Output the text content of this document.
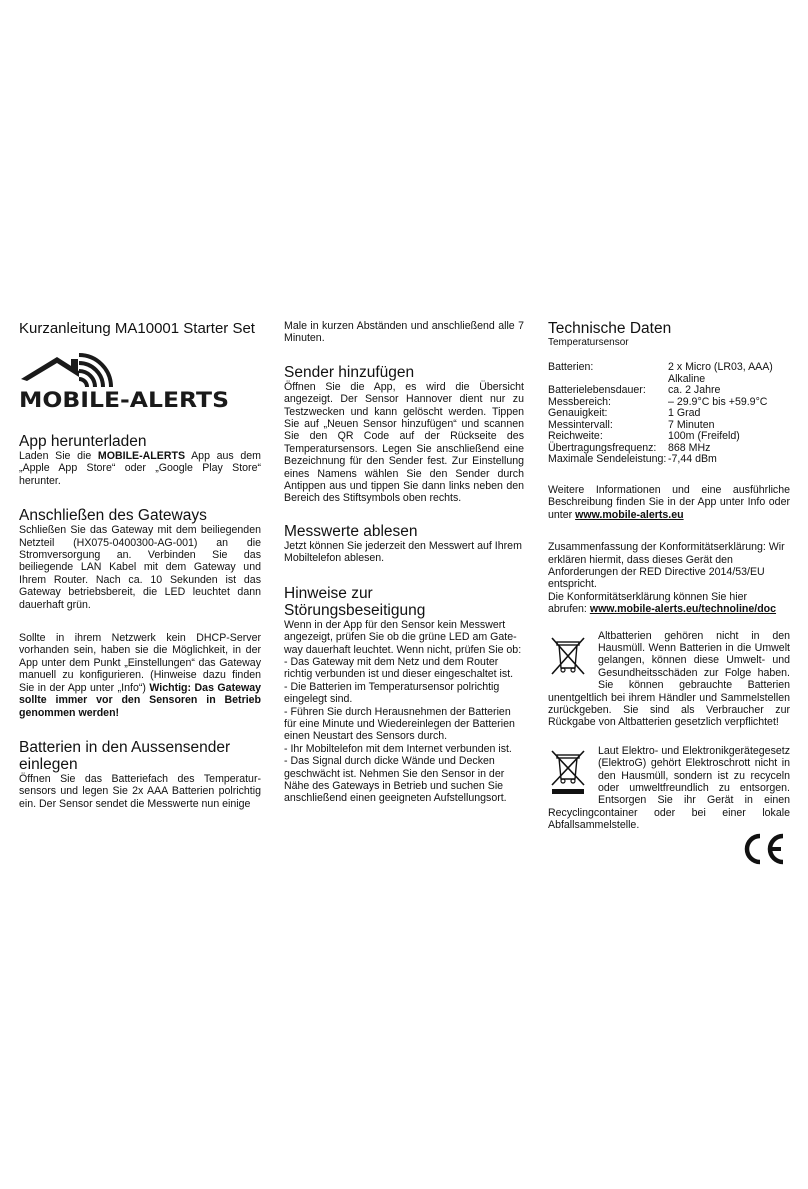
Kurzanleitung MA10001 Starter Set
MOBILE-ALERTS
App herunterladen

Laden Sie die MOBILE-ALERTS App aus dem „Apple App Store“ oder „Google Play Store“ herunter.

Anschließen des Gateways

Schließen Sie das Gateway mit dem beiliegenden Netzteil (HX075-0400300-AG-001) an die Stromversorgung an. Verbinden Sie das beiliegende LAN Kabel mit dem Gateway und Ihrem Router. Nach ca. 10 Sekunden ist das Gateway betriebsbereit, die LED leuchtet dann dauerhaft grün.

Sollte in ihrem Netzwerk kein DHCP-Server vorhanden sein, haben sie die Möglichkeit, in der App unter dem Punkt „Einstellungen“ das Gateway manuell zu konfigurieren. (Hinweise dazu finden Sie in der App unter „Info“) Wichtig: Das Gateway sollte immer vor den Sensoren in Betrieb genommen werden!

Batterien in den Aussensender
einlegen

Öffnen Sie das Batteriefach des Temperatur-sensors und legen Sie 2x AAA Batterien polrichtig ein. Der Sensor sendet die Messwerte nun einige

Male in kurzen Abständen und anschließend alle 7 Minuten.

Sender hinzufügen

Öffnen Sie die App, es wird die Übersicht angezeigt. Der Sensor Hannover dient nur zu Testzwecken und kann gelöscht werden. Tippen Sie auf „Neuen Sensor hinzufügen“ und scannen Sie den QR Code auf der Rückseite des Temperatursensors. Legen Sie anschließend eine Bezeichnung für den Sender fest. Zur Einstellung eines Namens wählen Sie den Sender durch Antippen aus und tippen Sie dann links neben den Bereich des Stiftsymbols oben rechts.

Messwerte ablesen

Jetzt können Sie jederzeit den Messwert auf Ihrem Mobiltelefon ablesen.

Hinweise zur
Störungsbeseitigung
Wenn in der App für den Sensor kein Messwert
angezeigt, prüfen Sie ob die grüne LED am Gate-
way dauerhaft leuchtet. Wenn nicht, prüfen Sie ob:
- Das Gateway mit dem Netz und dem Router
richtig verbunden ist und dieser eingeschaltet ist.
- Die Batterien im Temperatursensor polrichtig
eingelegt sind.
- Führen Sie durch Herausnehmen der Batterien
für eine Minute und Wiedereinlegen der Batterien
einen Neustart des Sensors durch.
- Ihr Mobiltelefon mit dem Internet verbunden ist.
- Das Signal durch dicke Wände und Decken
geschwächt ist. Nehmen Sie den Sensor in der
Nähe des Gateways in Betrieb und suchen Sie
anschließend einen geeigneten Aufstellungsort.
Technische Daten
Temperatursensor
Batterien:	2 x Micro (LR03, AAA)
	Alkaline
Batterielebensdauer:	ca. 2 Jahre
Messbereich:	– 29.9°C bis +59.9°C
Genauigkeit:	1 Grad
Messintervall:	7 Minuten
Reichweite:	100m (Freifeld)
Übertragungsfrequenz:	868 MHz
Maximale Sendeleistung:	-7,44 dBm

Weitere Informationen und eine ausführliche Beschreibung finden Sie in der App unter Info oder unter www.mobile-alerts.eu

Zusammenfassung der Konformitätserklärung: Wir
erklären hiermit, dass dieses Gerät den
Anforderungen der RED Directive 2014/53/EU
entspricht.
Die Konformitätserklärung können Sie hier
abrufen: www.mobile-alerts.eu/technoline/doc

Altbatterien gehören nicht in den Hausmüll. Wenn Batterien in die Umwelt gelangen, können diese Umwelt- und Gesundheitsschäden zur Folge haben. Sie können gebrauchte Batterien unentgeltlich bei ihrem Händler und Sammelstellen zurückgeben. Sie sind als Verbraucher zur Rückgabe von Altbatterien gesetzlich verpflichtet!

Laut Elektro- und Elektronikgerätegesetz (ElektroG) gehört Elektroschrott nicht in den Hausmüll, sondern ist zu recyceln oder umweltfreundlich zu entsorgen. Entsorgen Sie ihr Gerät in einen Recyclingcontainer oder bei einer lokale Abfallsammelstelle.
